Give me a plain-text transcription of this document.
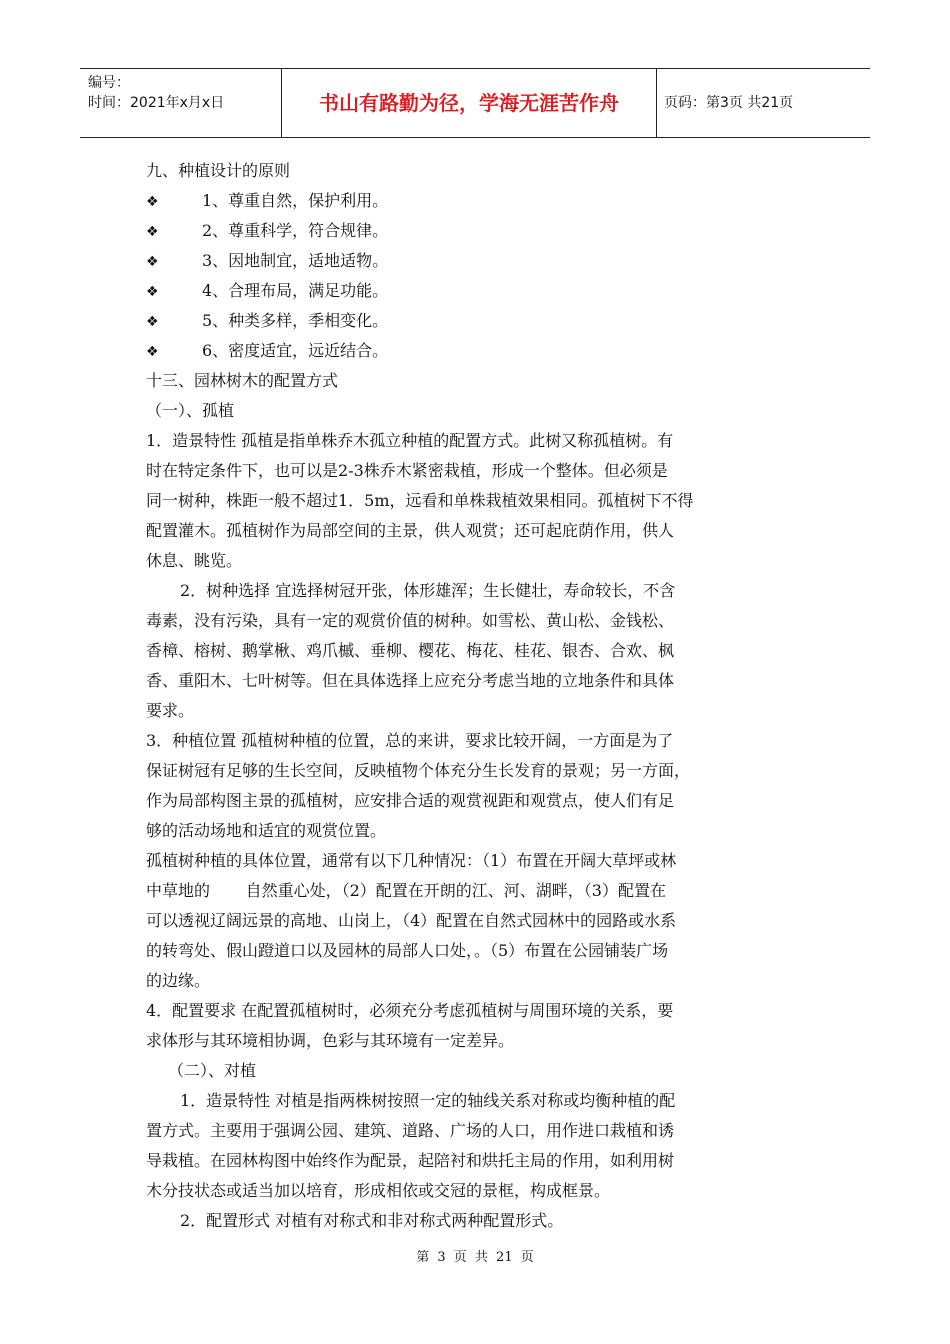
编号：
时间：2021年x月x日	书山有路勤为径，学海无涯苦作舟	页码：第3页 共21页
九、种植设计的原则
❖	1、尊重自然，保护利用。
❖	2、尊重科学，符合规律。
❖	3、因地制宜，适地适物。
❖	4、合理布局，满足功能。
❖	5、种类多样，季相变化。
❖	6、密度适宜，远近结合。
十三、园林树木的配置方式
（一）、孤植
1．造景特性 孤植是指单株乔木孤立种植的配置方式。此树又称孤植树。有
时在特定条件下，也可以是2-3株乔木紧密栽植，形成一个整体。但必须是
同一树种，株距一般不超过1．5m，远看和单株栽植效果相同。孤植树下不得
配置灌木。孤植树作为局部空间的主景，供人观赏；还可起庇荫作用，供人
休息、眺览。
2．树种选择 宜选择树冠开张，体形雄浑；生长健壮，寿命较长，不含
毒素，没有污染，具有一定的观赏价值的树种。如雪松、黄山松、金钱松、
香樟、榕树、鹅掌楸、鸡爪槭、垂柳、樱花、梅花、桂花、银杏、合欢、枫
香、重阳木、七叶树等。但在具体选择上应充分考虑当地的立地条件和具体
要求。
3．种植位置 孤植树种植的位置，总的来讲，要求比较开阔，一方面是为了
保证树冠有足够的生长空间，反映植物个体充分生长发育的景观；另一方面，
作为局部构图主景的孤植树，应安排合适的观赏视距和观赏点，使人们有足
够的活动场地和适宜的观赏位置。
孤植树种植的具体位置，通常有以下几种情况：（1）布置在开阔大草坪或林
中草地的       自然重心处，（2）配置在开朗的江、河、湖畔，（3）配置在
可以透视辽阔远景的高地、山岗上，（4）配置在自然式园林中的园路或水系
的转弯处、假山蹬道口以及园林的局部人口处，。（5）布置在公园铺装广场
的边缘。
4．配置要求 在配置孤植树时，必须充分考虑孤植树与周围环境的关系，要
求体形与其环境相协调，色彩与其环境有一定差异。
（二）、对植
1．造景特性 对植是指两株树按照一定的轴线关系对称或均衡种植的配
置方式。主要用于强调公园、建筑、道路、广场的人口，用作进口栽植和诱
导栽植。在园林构图中始终作为配景，起陪衬和烘托主局的作用，如利用树
木分技状态或适当加以培育，形成相依或交冠的景框，构成框景。
2．配置形式 对植有对称式和非对称式两种配置形式。
第 3 页 共 21 页
